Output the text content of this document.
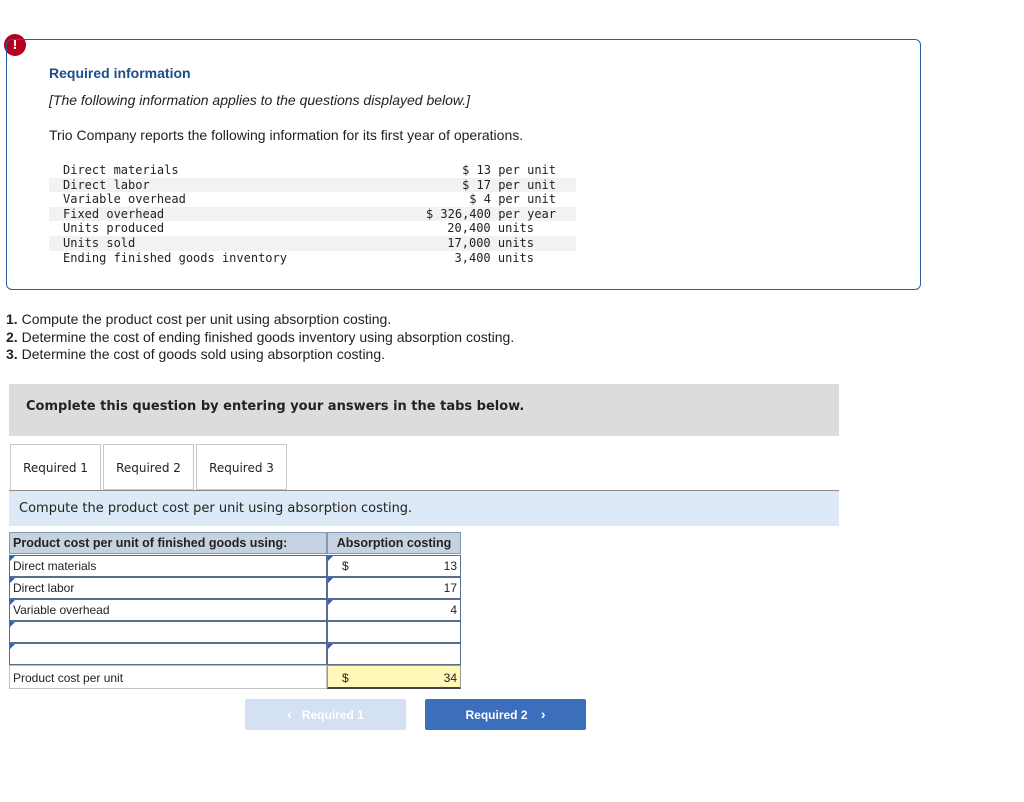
!
Required information
[The following information applies to the questions displayed below.]
Trio Company reports the following information for its first year of operations.
Direct materials	$ 13 per unit
Direct labor	$ 17 per unit
Variable overhead	$ 4 per unit
Fixed overhead	$ 326,400 per year
Units produced	20,400 units
Units sold	17,000 units
Ending finished goods inventory	3,400 units
1. Compute the product cost per unit using absorption costing.
2. Determine the cost of ending finished goods inventory using absorption costing.
3. Determine the cost of goods sold using absorption costing.
Complete this question by entering your answers in the tabs below.
Required 1	Required 2	Required 3
Compute the product cost per unit using absorption costing.
Product cost per unit of finished goods using:	Absorption costing
Direct materials	$	13
Direct labor	17
Variable overhead	4
Product cost per unit	$	34
‹ Required 1	Required 2 ›
